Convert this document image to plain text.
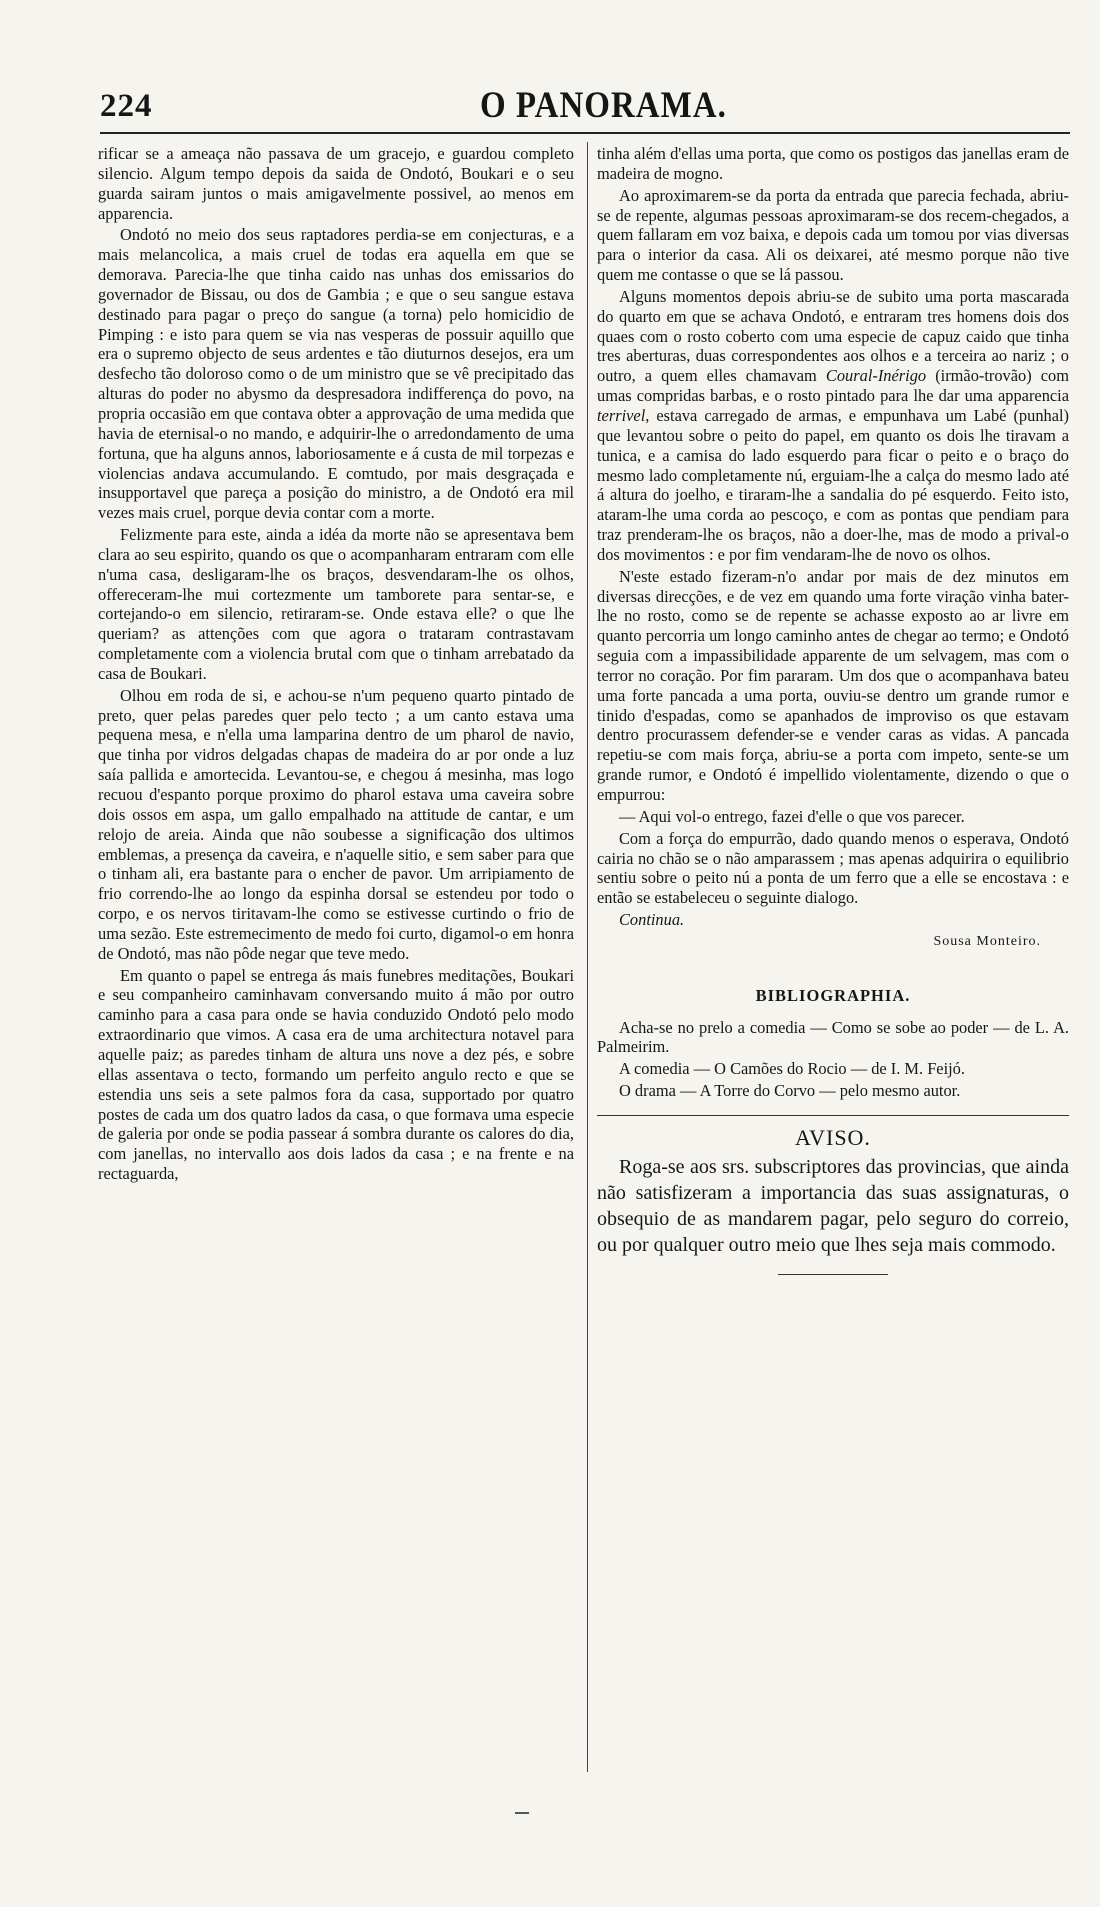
224	O PANORAMA.

rificar se a ameaça não passava de um gracejo, e guardou completo silencio. Algum tempo depois da saida de Ondotó, Boukari e o seu guarda sairam juntos o mais amigavelmente possivel, ao menos em apparencia.

Ondotó no meio dos seus raptadores perdia-se em conjecturas, e a mais melancolica, a mais cruel de todas era aquella em que se demorava. Parecia-lhe que tinha caido nas unhas dos emissarios do governador de Bissau, ou dos de Gambia ; e que o seu sangue estava destinado para pagar o preço do sangue (a torna) pelo homicidio de Pimping : e isto para quem se via nas vesperas de possuir aquillo que era o supremo objecto de seus ardentes e tão diuturnos desejos, era um desfecho tão doloroso como o de um ministro que se vê precipitado das alturas do poder no abysmo da despresadora indifferença do povo, na propria occasião em que contava obter a approvação de uma medida que havia de eternisal-o no mando, e adquirir-lhe o arredondamento de uma fortuna, que ha alguns annos, laboriosamente e á custa de mil torpezas e violencias andava accumulando. E comtudo, por mais desgraçada e insupportavel que pareça a posição do ministro, a de Ondotó era mil vezes mais cruel, porque devia contar com a morte.

Felizmente para este, ainda a idéa da morte não se apresentava bem clara ao seu espirito, quando os que o acompanharam entraram com elle n'uma casa, desligaram-lhe os braços, desvendaram-lhe os olhos, offereceram-lhe mui cortezmente um tamborete para sentar-se, e cortejando-o em silencio, retiraram-se. Onde estava elle? o que lhe queriam? as attenções com que agora o trataram contrastavam completamente com a violencia brutal com que o tinham arrebatado da casa de Boukari.

Olhou em roda de si, e achou-se n'um pequeno quarto pintado de preto, quer pelas paredes quer pelo tecto ; a um canto estava uma pequena mesa, e n'ella uma lamparina dentro de um pharol de navio, que tinha por vidros delgadas chapas de madeira do ar por onde a luz saía pallida e amortecida. Levantou-se, e chegou á mesinha, mas logo recuou d'espanto porque proximo do pharol estava uma caveira sobre dois ossos em aspa, um gallo empalhado na attitude de cantar, e um relojo de areia. Ainda que não soubesse a significação dos ultimos emblemas, a presença da caveira, e n'aquelle sitio, e sem saber para que o tinham ali, era bastante para o encher de pavor. Um arripiamento de frio correndo-lhe ao longo da espinha dorsal se estendeu por todo o corpo, e os nervos tiritavam-lhe como se estivesse curtindo o frio de uma sezão. Este estremecimento de medo foi curto, digamol-o em honra de Ondotó, mas não pôde negar que teve medo.

Em quanto o papel se entrega ás mais funebres meditações, Boukari e seu companheiro caminhavam conversando muito á mão por outro caminho para a casa para onde se havia conduzido Ondotó pelo modo extraordinario que vimos. A casa era de uma architectura notavel para aquelle paiz; as paredes tinham de altura uns nove a dez pés, e sobre ellas assentava o tecto, formando um perfeito angulo recto e que se estendia uns seis a sete palmos fora da casa, supportado por quatro postes de cada um dos quatro lados da casa, o que formava uma especie de galeria por onde se podia passear á sombra durante os calores do dia, com janellas, no intervallo aos dois lados da casa ; e na frente e na rectaguarda,

tinha além d'ellas uma porta, que como os postigos das janellas eram de madeira de mogno.

Ao aproximarem-se da porta da entrada que parecia fechada, abriu-se de repente, algumas pessoas aproximaram-se dos recem-chegados, a quem fallaram em voz baixa, e depois cada um tomou por vias diversas para o interior da casa. Ali os deixarei, até mesmo porque não tive quem me contasse o que se lá passou.

Alguns momentos depois abriu-se de subito uma porta mascarada do quarto em que se achava Ondotó, e entraram tres homens dois dos quaes com o rosto coberto com uma especie de capuz caido que tinha tres aberturas, duas correspondentes aos olhos e a terceira ao nariz ; o outro, a quem elles chamavam Coural-Inérigo (irmão-trovão) com umas compridas barbas, e o rosto pintado para lhe dar uma apparencia terrivel, estava carregado de armas, e empunhava um Labé (punhal) que levantou sobre o peito do papel, em quanto os dois lhe tiravam a tunica, e a camisa do lado esquerdo para ficar o peito e o braço do mesmo lado completamente nú, erguiam-lhe a calça do mesmo lado até á altura do joelho, e tiraram-lhe a sandalia do pé esquerdo. Feito isto, ataram-lhe uma corda ao pescoço, e com as pontas que pendiam para traz prenderam-lhe os braços, não a doer-lhe, mas de modo a prival-o dos movimentos : e por fim vendaram-lhe de novo os olhos.

N'este estado fizeram-n'o andar por mais de dez minutos em diversas direcções, e de vez em quando uma forte viração vinha bater-lhe no rosto, como se de repente se achasse exposto ao ar livre em quanto percorria um longo caminho antes de chegar ao termo; e Ondotó seguia com a impassibilidade apparente de um selvagem, mas com o terror no coração. Por fim pararam. Um dos que o acompanhava bateu uma forte pancada a uma porta, ouviu-se dentro um grande rumor e tinido d'espadas, como se apanhados de improviso os que estavam dentro procurassem defender-se e vender caras as vidas. A pancada repetiu-se com mais força, abriu-se a porta com impeto, sente-se um grande rumor, e Ondotó é impellido violentamente, dizendo o que o empurrou:

— Aqui vol-o entrego, fazei d'elle o que vos parecer.

Com a força do empurrão, dado quando menos o esperava, Ondotó cairia no chão se o não amparassem ; mas apenas adquirira o equilibrio sentiu sobre o peito nú a ponta de um ferro que a elle se encostava : e então se estabeleceu o seguinte dialogo.

Continua.
Sousa Monteiro.
BIBLIOGRAPHIA.

Acha-se no prelo a comedia — Como se sobe ao poder — de L. A. Palmeirim.

A comedia — O Camões do Rocio — de I. M. Feijó.

O drama — A Torre do Corvo — pelo mesmo autor.

AVISO.

Roga-se aos srs. subscriptores das provincias, que ainda não satisfizeram a importancia das suas assignaturas, o obsequio de as mandarem pagar, pelo seguro do correio, ou por qualquer outro meio que lhes seja mais commodo.
